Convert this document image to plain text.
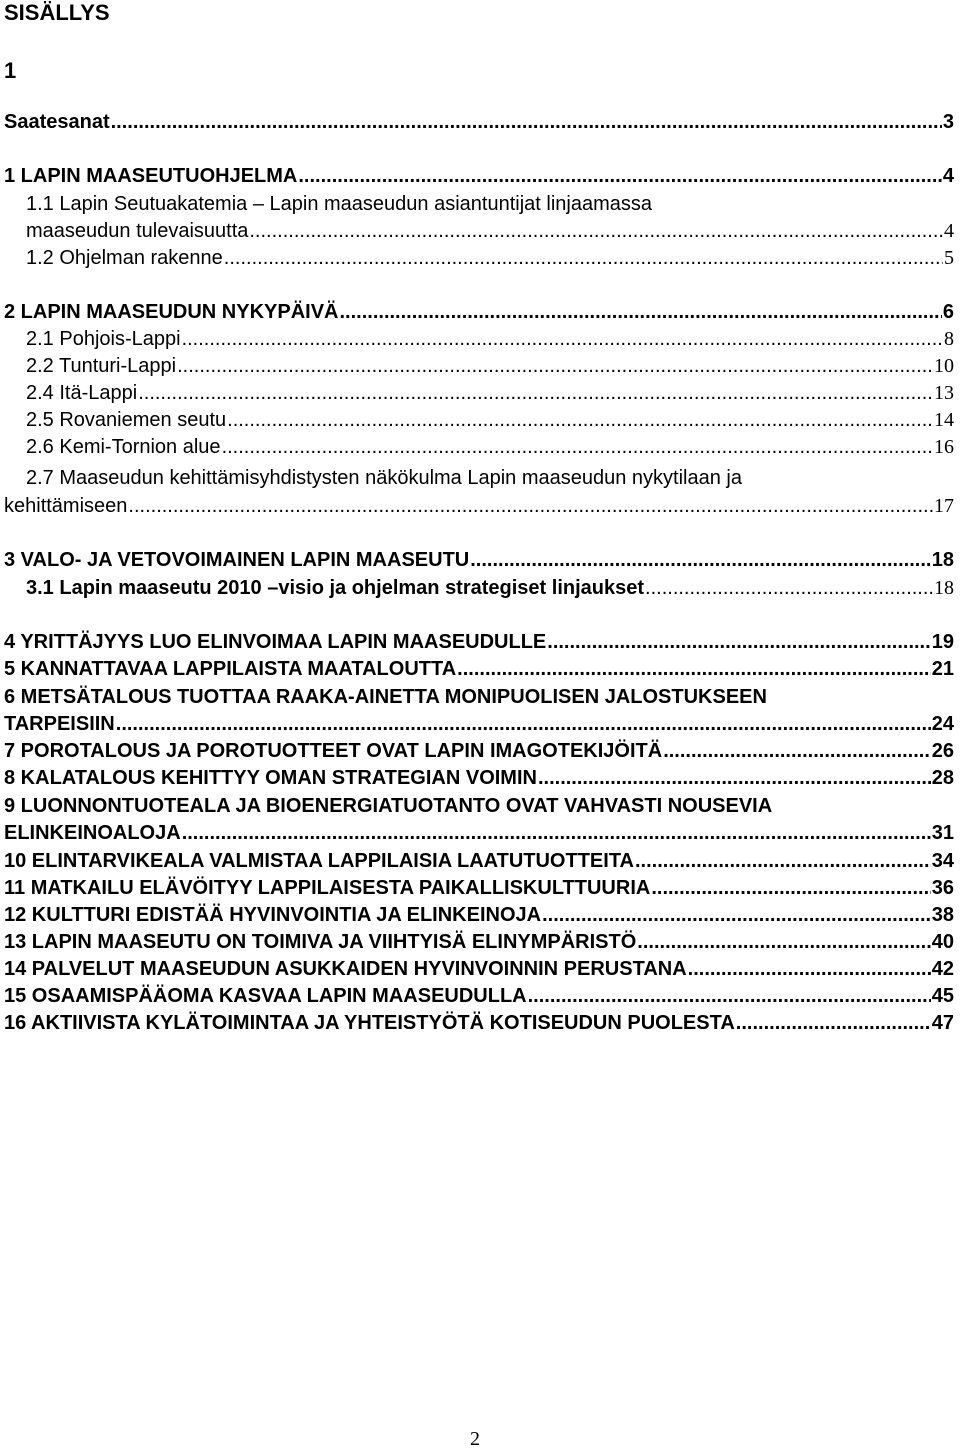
SISÄLLYS
1
Saatesanat .....	3
1 LAPIN MAASEUTUOHJELMA .....	4
1.1 Lapin Seutuakatemia – Lapin maaseudun asiantuntijat linjaamassa
maaseudun tulevaisuutta .....	4
1.2 Ohjelman rakenne .....	5
2 LAPIN MAASEUDUN NYKYPÄIVÄ .....	6
2.1 Pohjois-Lappi .....	8
2.2 Tunturi-Lappi .....	10
2.4 Itä-Lappi .....	13
2.5 Rovaniemen seutu .....	14
2.6 Kemi-Tornion alue .....	16
2.7 Maaseudun kehittämisyhdistysten näkökulma Lapin maaseudun nykytilaan ja
kehittämiseen .....	17
3 VALO- JA VETOVOIMAINEN LAPIN MAASEUTU .....	18
3.1 Lapin maaseutu 2010 –visio ja ohjelman strategiset linjaukset .....	18
4 YRITTÄJYYS LUO ELINVOIMAA LAPIN MAASEUDULLE .....	19
5 KANNATTAVAA LAPPILAISTA MAATALOUTTA .....	21
6 METSÄTALOUS TUOTTAA RAAKA-AINETTA MONIPUOLISEN JALOSTUKSEEN
TARPEISIIN .....	24
7 POROTALOUS JA POROTUOTTEET OVAT LAPIN IMAGOTEKIJÖITÄ .....	26
8 KALATALOUS KEHITTYY OMAN STRATEGIAN VOIMIN .....	28
9 LUONNONTUOTEALA JA BIOENERGIATUOTANTO OVAT VAHVASTI NOUSEVIA
ELINKEINOALOJA .....	31
10 ELINTARVIKEALA VALMISTAA LAPPILAISIA LAATUTUOTTEITA .....	34
11 MATKAILU ELÄVÖITYY LAPPILAISESTA PAIKALLISKULTTUURIA .....	36
12 KULTTURI EDISTÄÄ HYVINVOINTIA JA ELINKEINOJA .....	38
13 LAPIN MAASEUTU ON TOIMIVA JA VIIHTYISÄ ELINYMPÄRISTÖ .....	40
14 PALVELUT MAASEUDUN ASUKKAIDEN HYVINVOINNIN PERUSTANA .....	42
15 OSAAMISPÄÄOMA KASVAA LAPIN MAASEUDULLA .....	45
16 AKTIIVISTA KYLÄTOIMINTAA JA YHTEISTYÖTÄ KOTISEUDUN PUOLESTA .....	47
2
